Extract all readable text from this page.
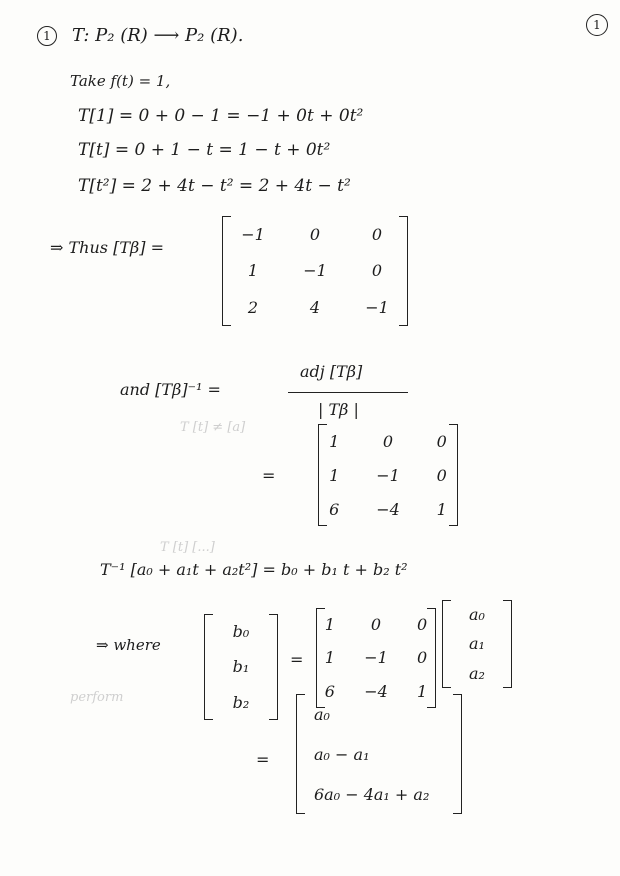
1	T: P₂ (R) ⟶ P₂ (R).	1
Take f(t) = 1,
T[1] = 0 + 0 − 1 = −1 + 0t + 0t²
T[t] = 0 + 1 − t = 1 − t + 0t²
T[t²] = 2 + 4t − t² = 2 + 4t − t²
⇒ Thus [Tβ] =
−1	0	0
1	−1	0
2	4	−1
and [Tβ]⁻¹ =
adj [Tβ]
| Tβ |
=
1	0	0
1	−1	0
6	−4	1
T [t] ≠ [a]
T [t] [...]
perform
T⁻¹ [a₀ + a₁t + a₂t²] = b₀ + b₁ t + b₂ t²
⇒ where
b₀
b₁
b₂
=
1	0	0
1	−1	0
6	−4	1
a₀
a₁
a₂
=
a₀
a₀ − a₁
6a₀ − 4a₁ + a₂
